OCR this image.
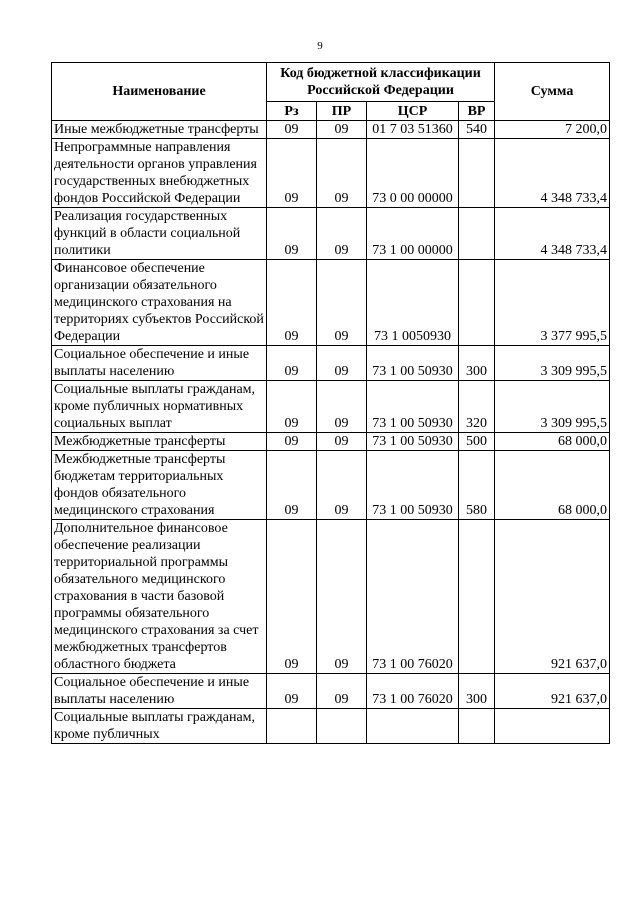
9
Наименование	Код бюджетной классификации Российской Федерации				Сумма
	Рз	ПР	ЦСР	ВР	
Иные межбюджетные трансферты	09	09	01 7 03 51360	540	7 200,0
Непрограммные направления деятельности органов управления государственных внебюджетных фондов Российской Федерации	09	09	73 0 00 00000		4 348 733,4
Реализация государственных функций в области социальной политики	09	09	73 1 00 00000		4 348 733,4
Финансовое обеспечение организации обязательного медицинского страхования на территориях субъектов Российской Федерации	09	09	73 1 0050930		3 377 995,5
Социальное обеспечение и иные выплаты населению	09	09	73 1 00 50930	300	3 309 995,5
Социальные выплаты гражданам, кроме публичных нормативных социальных выплат	09	09	73 1 00 50930	320	3 309 995,5
Межбюджетные трансферты	09	09	73 1 00 50930	500	68 000,0
Межбюджетные трансферты бюджетам территориальных фондов обязательного медицинского страхования	09	09	73 1 00 50930	580	68 000,0
Дополнительное финансовое обеспечение реализации территориальной программы обязательного медицинского страхования в части базовой программы обязательного медицинского страхования за счет межбюджетных трансфертов областного бюджета	09	09	73 1 00 76020		921 637,0
Социальное обеспечение и иные выплаты населению	09	09	73 1 00 76020	300	921 637,0
Социальные выплаты гражданам, кроме публичных					
